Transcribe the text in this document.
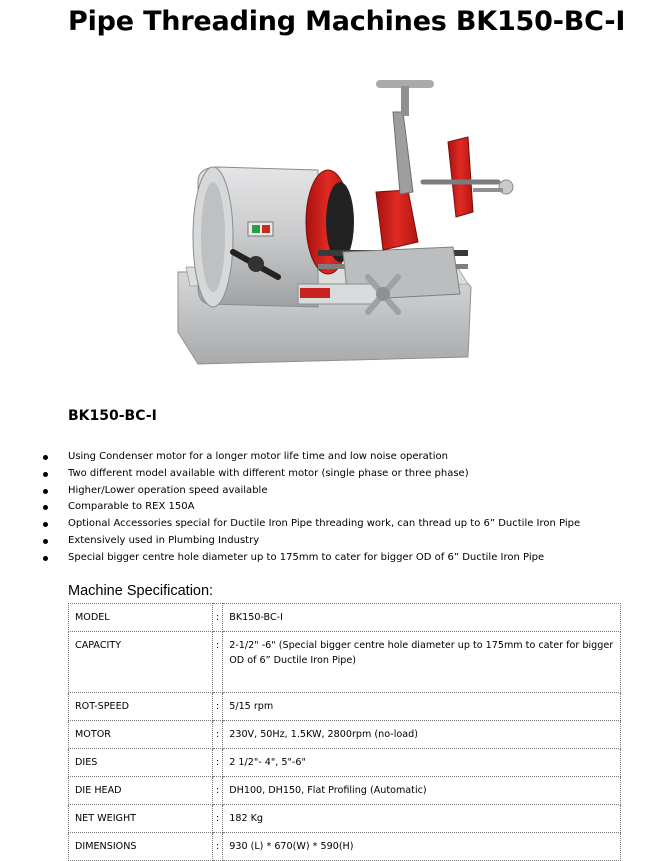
Pipe Threading Machines BK150-BC-I
BK150-BC-I
Using Condenser motor for a longer motor life time and low noise operation
Two different model available with different motor (single phase or three phase)
Higher/Lower operation speed available
Comparable to REX 150A
Optional Accessories special for Ductile Iron Pipe threading work, can thread up to 6” Ductile Iron Pipe
Extensively used in Plumbing Industry
Special bigger centre hole diameter up to 175mm to cater for bigger OD of 6” Ductile Iron Pipe
Machine Specification:
MODEL	:	BK150-BC-I
CAPACITY	:	2-1/2" -6" (Special bigger centre hole diameter up to 175mm to cater for bigger OD of 6” Ductile Iron Pipe)
ROT-SPEED	:	5/15 rpm
MOTOR	:	230V, 50Hz, 1.5KW, 2800rpm (no-load)
DIES	:	2 1/2"- 4", 5"-6"
DIE HEAD	:	DH100, DH150, Flat Profiling (Automatic)
NET WEIGHT	:	182 Kg
DIMENSIONS	:	930 (L) * 670(W) * 590(H)
